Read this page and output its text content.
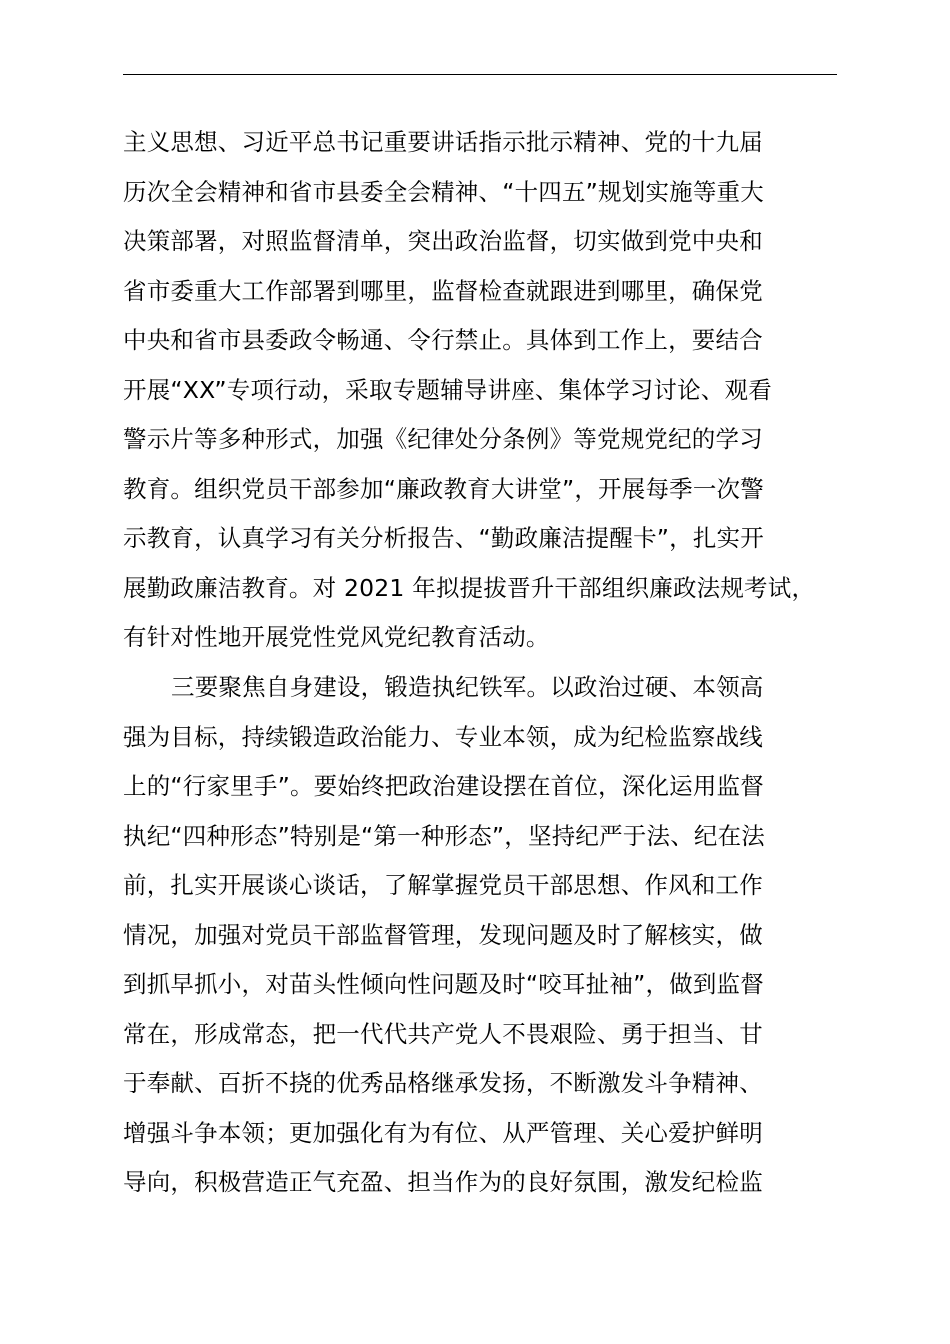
主义思想、习近平总书记重要讲话指示批示精神、党的十九届
历次全会精神和省市县委全会精神、“十四五”规划实施等重大
决策部署，对照监督清单，突出政治监督，切实做到党中央和
省市委重大工作部署到哪里，监督检查就跟进到哪里，确保党
中央和省市县委政令畅通、令行禁止。具体到工作上，要结合
开展“XX”专项行动，采取专题辅导讲座、集体学习讨论、观看
警示片等多种形式，加强《纪律处分条例》等党规党纪的学习
教育。组织党员干部参加“廉政教育大讲堂”，开展每季一次警
示教育，认真学习有关分析报告、“勤政廉洁提醒卡”，扎实开
展勤政廉洁教育。对 2021 年拟提拔晋升干部组织廉政法规考试，
有针对性地开展党性党风党纪教育活动。
三要聚焦自身建设，锻造执纪铁军。以政治过硬、本领高
强为目标，持续锻造政治能力、专业本领，成为纪检监察战线
上的“行家里手”。要始终把政治建设摆在首位，深化运用监督
执纪“四种形态”特别是“第一种形态”，坚持纪严于法、纪在法
前，扎实开展谈心谈话，了解掌握党员干部思想、作风和工作
情况，加强对党员干部监督管理，发现问题及时了解核实，做
到抓早抓小，对苗头性倾向性问题及时“咬耳扯袖”，做到监督
常在，形成常态，把一代代共产党人不畏艰险、勇于担当、甘
于奉献、百折不挠的优秀品格继承发扬，不断激发斗争精神、
增强斗争本领；更加强化有为有位、从严管理、关心爱护鲜明
导向，积极营造正气充盈、担当作为的良好氛围，激发纪检监
